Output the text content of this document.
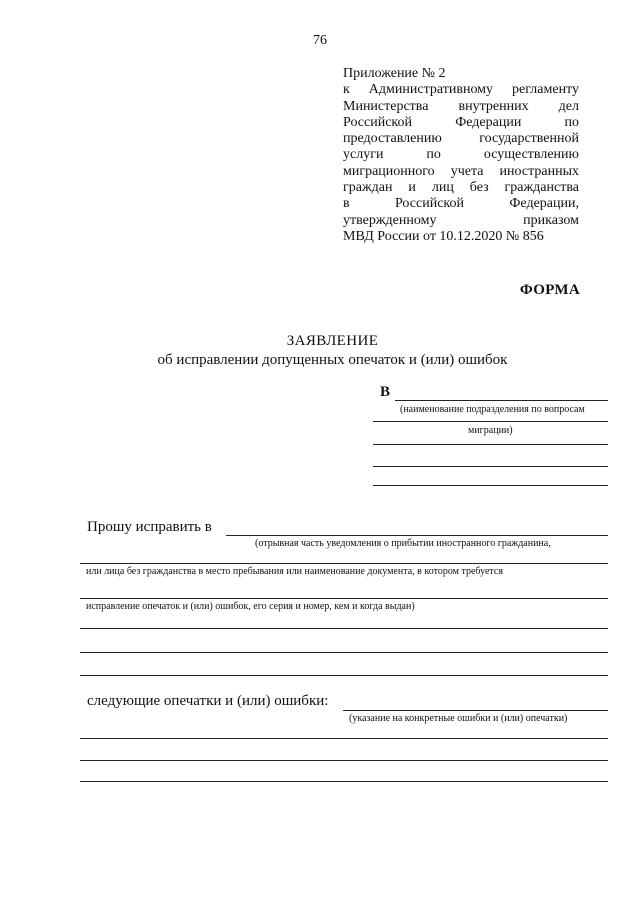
76
Приложение № 2
к Административному регламенту
Министерства внутренних дел
Российской Федерации по
предоставлению государственной
услуги по осуществлению
миграционного учета иностранных
граждан и лиц без гражданства
в Российской Федерации,
утвержденному приказом
МВД России от 10.12.2020 № 856
ФОРМА
ЗАЯВЛЕНИЕ
об исправлении допущенных опечаток и (или) ошибок
В
(наименование подразделения по вопросам
миграции)
Прошу исправить в
(отрывная часть уведомления о прибытии иностранного гражданина,
или лица без гражданства в место пребывания или наименование документа, в котором требуется
исправление опечаток и (или) ошибок, его серия и номер, кем и когда выдан)
следующие опечатки и (или) ошибки:
(указание на конкретные ошибки и (или) опечатки)
